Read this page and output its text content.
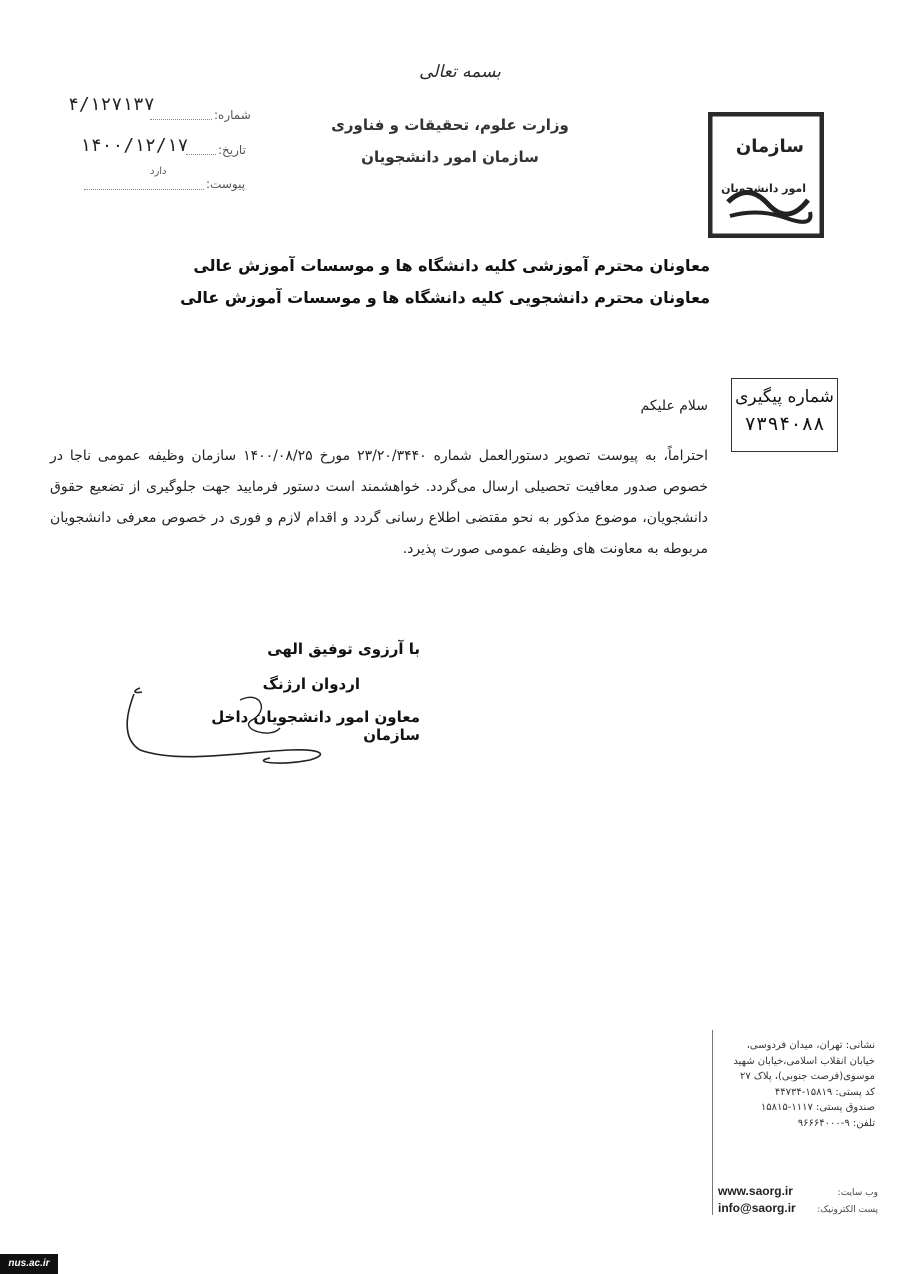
بسمه تعالی
وزارت علوم، تحقیقات و فناوری
سازمان امور دانشجویان
۴/۱۲۷۱۳۷	شماره:
۱۴۰۰/۱۲/۱۷ تاریخ:
دارد
پیوست:
سازمان
امور دانشجویان
معاونان محترم آموزشی کلیه دانشگاه ها و موسسات آموزش عالی
معاونان محترم دانشجویی کلیه دانشگاه ها و موسسات آموزش عالی
شماره پیگیری
۷۳۹۴۰۸۸
سلام علیکم
احتراماً، به پیوست تصویر دستورالعمل شماره ۲۳/۲۰/۳۴۴۰ مورخ ۱۴۰۰/۰۸/۲۵ سازمان وظیفه عمومی ناجا در خصوص صدور معافیت تحصیلی ارسال می‌گردد. خواهشمند است دستور فرمایید جهت جلوگیری از تضعیع حقوق دانشجویان، موضوع مذکور به نحو مقتضی اطلاع رسانی گردد و اقدام لازم و فوری در خصوص معرفی دانشجویان مربوطه به معاونت های وظیفه عمومی صورت پذیرد.
با آرزوی توفیق الهی
اردوان ارژنگ
معاون امور دانشجویان داخل سازمان
نشانی: تهران، میدان فردوسی،
خیابان انقلاب اسلامی،خیابان شهید
موسوی(فرصت جنوبی)، پلاک ۲۷
کد پستی: ۱۵۸۱۹-۴۴۷۳۴
صندوق پستی: ۱۱۱۷-۱۵۸۱۵
تلفن: ۹-۹۶۶۶۴۰۰۰
www.saorg.ir	وب سایت:
info@saorg.ir پست الکترونیک:
nus.ac.ir
